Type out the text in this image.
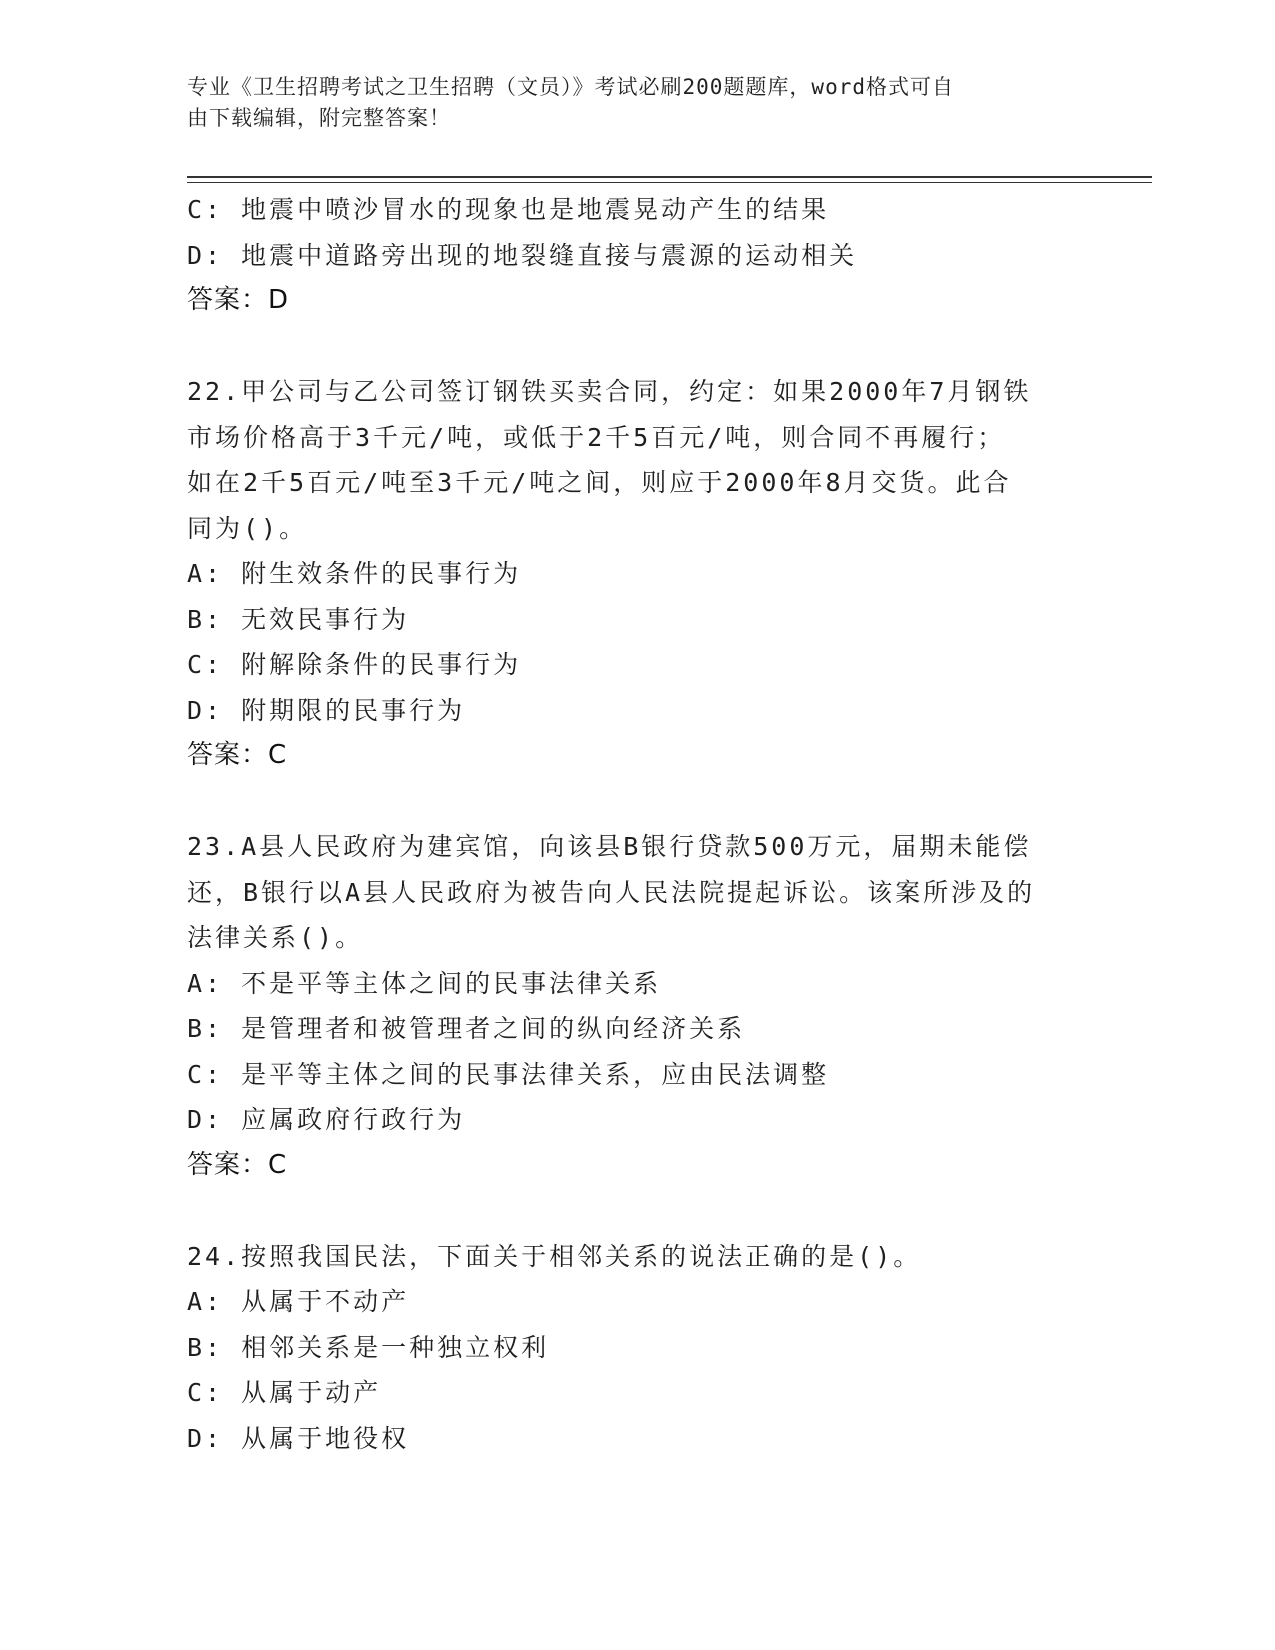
专业《卫生招聘考试之卫生招聘（文员）》考试必刷200题题库，word格式可自
由下载编辑，附完整答案！
C: 地震中喷沙冒水的现象也是地震晃动产生的结果
D: 地震中道路旁出现的地裂缝直接与震源的运动相关
答案：D
22.甲公司与乙公司签订钢铁买卖合同，约定：如果2000年7月钢铁
市场价格高于3千元/吨，或低于2千5百元/吨，则合同不再履行；
如在2千5百元/吨至3千元/吨之间，则应于2000年8月交货。此合
同为()。
A: 附生效条件的民事行为
B: 无效民事行为
C: 附解除条件的民事行为
D: 附期限的民事行为
答案：C
23.A县人民政府为建宾馆，向该县B银行贷款500万元，届期未能偿
还，B银行以A县人民政府为被告向人民法院提起诉讼。该案所涉及的
法律关系()。
A: 不是平等主体之间的民事法律关系
B: 是管理者和被管理者之间的纵向经济关系
C: 是平等主体之间的民事法律关系，应由民法调整
D: 应属政府行政行为
答案：C
24.按照我国民法，下面关于相邻关系的说法正确的是()。
A: 从属于不动产
B: 相邻关系是一种独立权利
C: 从属于动产
D: 从属于地役权
